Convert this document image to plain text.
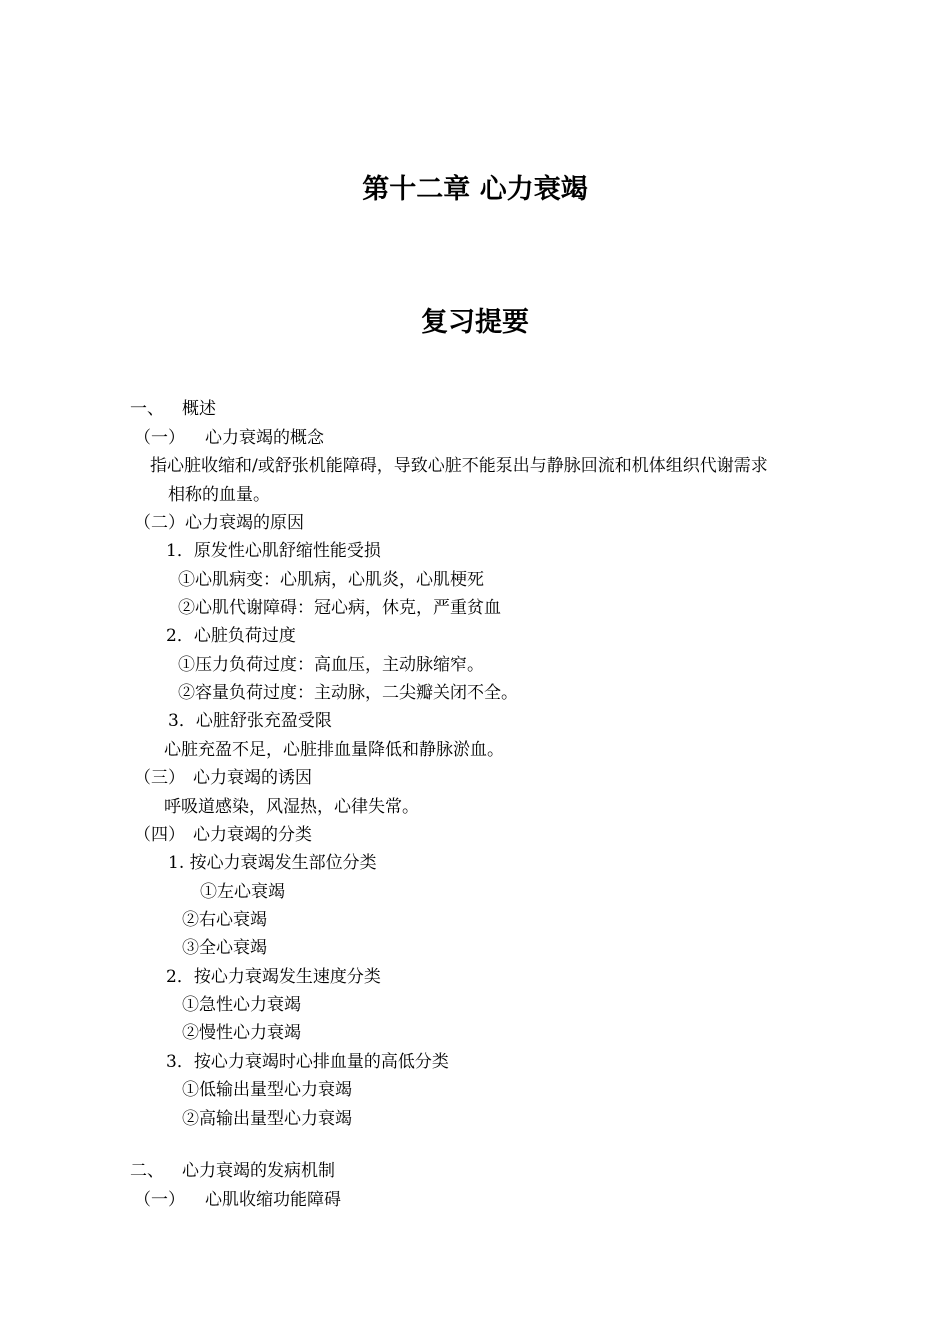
第十二章 心力衰竭
复习提要
一、 概述
（一） 心力衰竭的概念
指心脏收缩和/或舒张机能障碍，导致心脏不能泵出与静脉回流和机体组织代谢需求
相称的血量。
（二）心力衰竭的原因
1．原发性心肌舒缩性能受损
①心肌病变：心肌病，心肌炎，心肌梗死
②心肌代谢障碍：冠心病，休克，严重贫血
2．心脏负荷过度
①压力负荷过度：高血压，主动脉缩窄。
②容量负荷过度：主动脉，二尖瓣关闭不全。
3．心脏舒张充盈受限
心脏充盈不足，心脏排血量降低和静脉淤血。
（三） 心力衰竭的诱因
呼吸道感染，风湿热，心律失常。
（四） 心力衰竭的分类
1. 按心力衰竭发生部位分类
①左心衰竭
②右心衰竭
③全心衰竭
2．按心力衰竭发生速度分类
①急性心力衰竭
②慢性心力衰竭
3．按心力衰竭时心排血量的高低分类
①低输出量型心力衰竭
②高输出量型心力衰竭
二、 心力衰竭的发病机制
（一） 心肌收缩功能障碍
